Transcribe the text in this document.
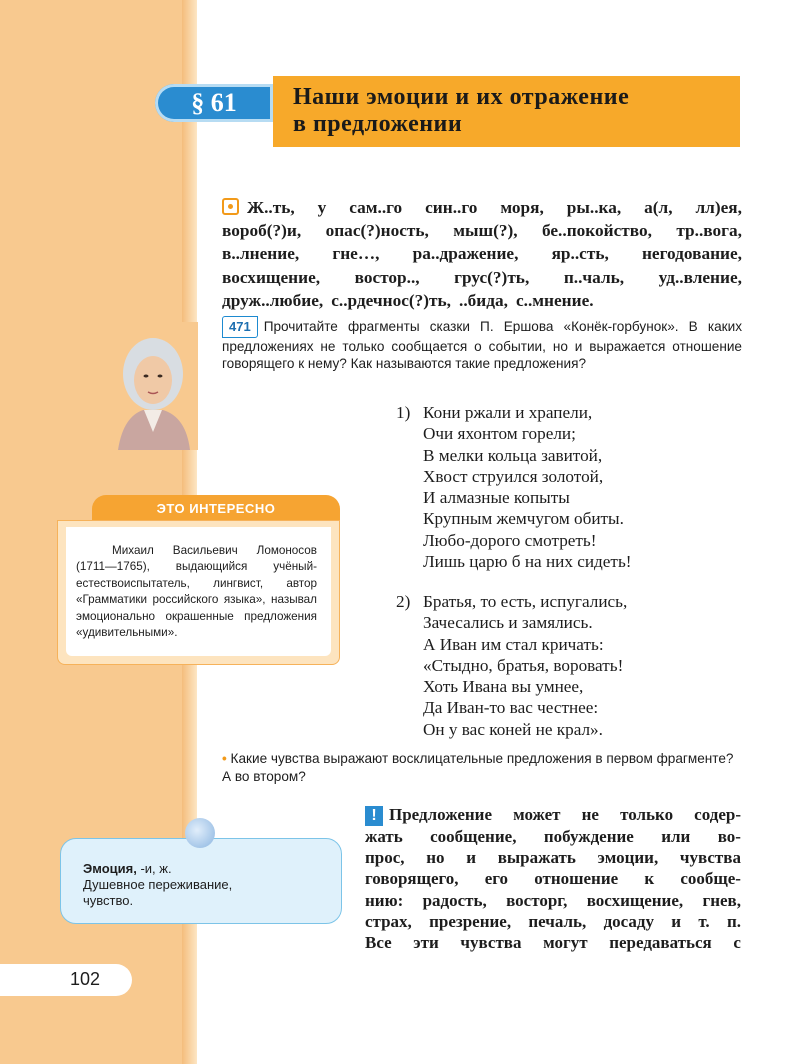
§ 61	Наши эмоции и их отражение
в предложении
Ж..ть, у сам..го син..го моря, ры..ка, а(л, лл)ея,
вороб(?)и, опас(?)ность, мыш(?), бе..покойство, тр..вога,
в..лнение, гне…, ра..дражение, яр..сть, негодование,
восхищение, востор.., грус(?)ть, п..чаль, уд..вление,
друж..любие, с..рдечнос(?)ть, ..бида, с..мнение.
471 Прочитайте фрагменты сказки П. Ершова «Конёк-горбунок». В каких предложениях не только сообщается о событии, но и выражается отношение говорящего к нему? Как называются такие предложения?
1) Кони ржали и храпели,
Очи яхонтом горели;
В мелки кольца завитой,
Хвост струился золотой,
И алмазные копыты
Крупным жемчугом обиты.
Любо-дорого смотреть!
Лишь царю б на них сидеть!
2) Братья, то есть, испугались,
Зачесались и замялись.
А Иван им стал кричать:
«Стыдно, братья, воровать!
Хоть Ивана вы умнее,
Да Иван-то вас честнее:
Он у вас коней не крал».
ЭТО ИНТЕРЕСНО
Михаил Васильевич Ломоносов (1711—1765), выдающийся учёный-естествоиспытатель, лингвист, автор «Грамматики российского языка», называл эмоционально окрашенные предложения «удивительными».
• Какие чувства выражают восклицательные предложения в первом фрагменте? А во втором?
! Предложение может не только содер-
жать сообщение, побуждение или во-
прос, но и выражать эмоции, чувства
говорящего, его отношение к сообще-
нию: радость, восторг, восхищение, гнев,
страх, презрение, печаль, досаду и т. п.
Все эти чувства могут передаваться с
Эмоция, -и, ж.
Душевное переживание,
чувство.
102
